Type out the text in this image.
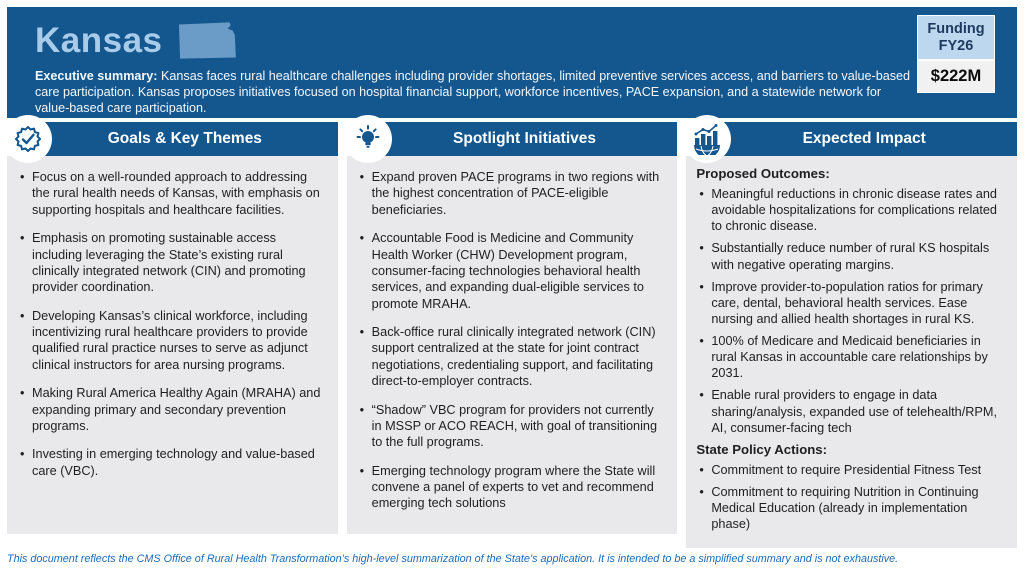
Kansas
Executive summary: Kansas faces rural healthcare challenges including provider shortages, limited preventive services access, and barriers to value-based care participation. Kansas proposes initiatives focused on hospital financial support, workforce incentives, PACE expansion, and a statewide network for value-based care participation.
Funding FY26
$222M
Goals & Key Themes
• Focus on a well-rounded approach to addressing the rural health needs of Kansas, with emphasis on supporting hospitals and healthcare facilities.
• Emphasis on promoting sustainable access including leveraging the State’s existing rural clinically integrated network (CIN) and promoting provider coordination.
• Developing Kansas’s clinical workforce, including incentivizing rural healthcare providers to provide qualified rural practice nurses to serve as adjunct clinical instructors for area nursing programs.
• Making Rural America Healthy Again (MRAHA) and expanding primary and secondary prevention programs.
• Investing in emerging technology and value-based care (VBC).
Spotlight Initiatives
• Expand proven PACE programs in two regions with the highest concentration of PACE-eligible beneficiaries.
• Accountable Food is Medicine and Community Health Worker (CHW) Development program, consumer-facing technologies behavioral health services, and expanding dual-eligible services to promote MRAHA.
• Back-office rural clinically integrated network (CIN) support centralized at the state for joint contract negotiations, credentialing support, and facilitating direct-to-employer contracts.
• “Shadow” VBC program for providers not currently in MSSP or ACO REACH, with goal of transitioning to the full programs.
• Emerging technology program where the State will convene a panel of experts to vet and recommend emerging tech solutions
Expected Impact
Proposed Outcomes:
• Meaningful reductions in chronic disease rates and avoidable hospitalizations for complications related to chronic disease.
• Substantially reduce number of rural KS hospitals with negative operating margins.
• Improve provider-to-population ratios for primary care, dental, behavioral health services. Ease nursing and allied health shortages in rural KS.
• 100% of Medicare and Medicaid beneficiaries in rural Kansas in accountable care relationships by 2031.
• Enable rural providers to engage in data sharing/analysis, expanded use of telehealth/RPM, AI, consumer-facing tech
State Policy Actions:
• Commitment to require Presidential Fitness Test
• Commitment to requiring Nutrition in Continuing Medical Education (already in implementation phase)
This document reflects the CMS Office of Rural Health Transformation’s high-level summarization of the State’s application. It is intended to be a simplified summary and is not exhaustive.
